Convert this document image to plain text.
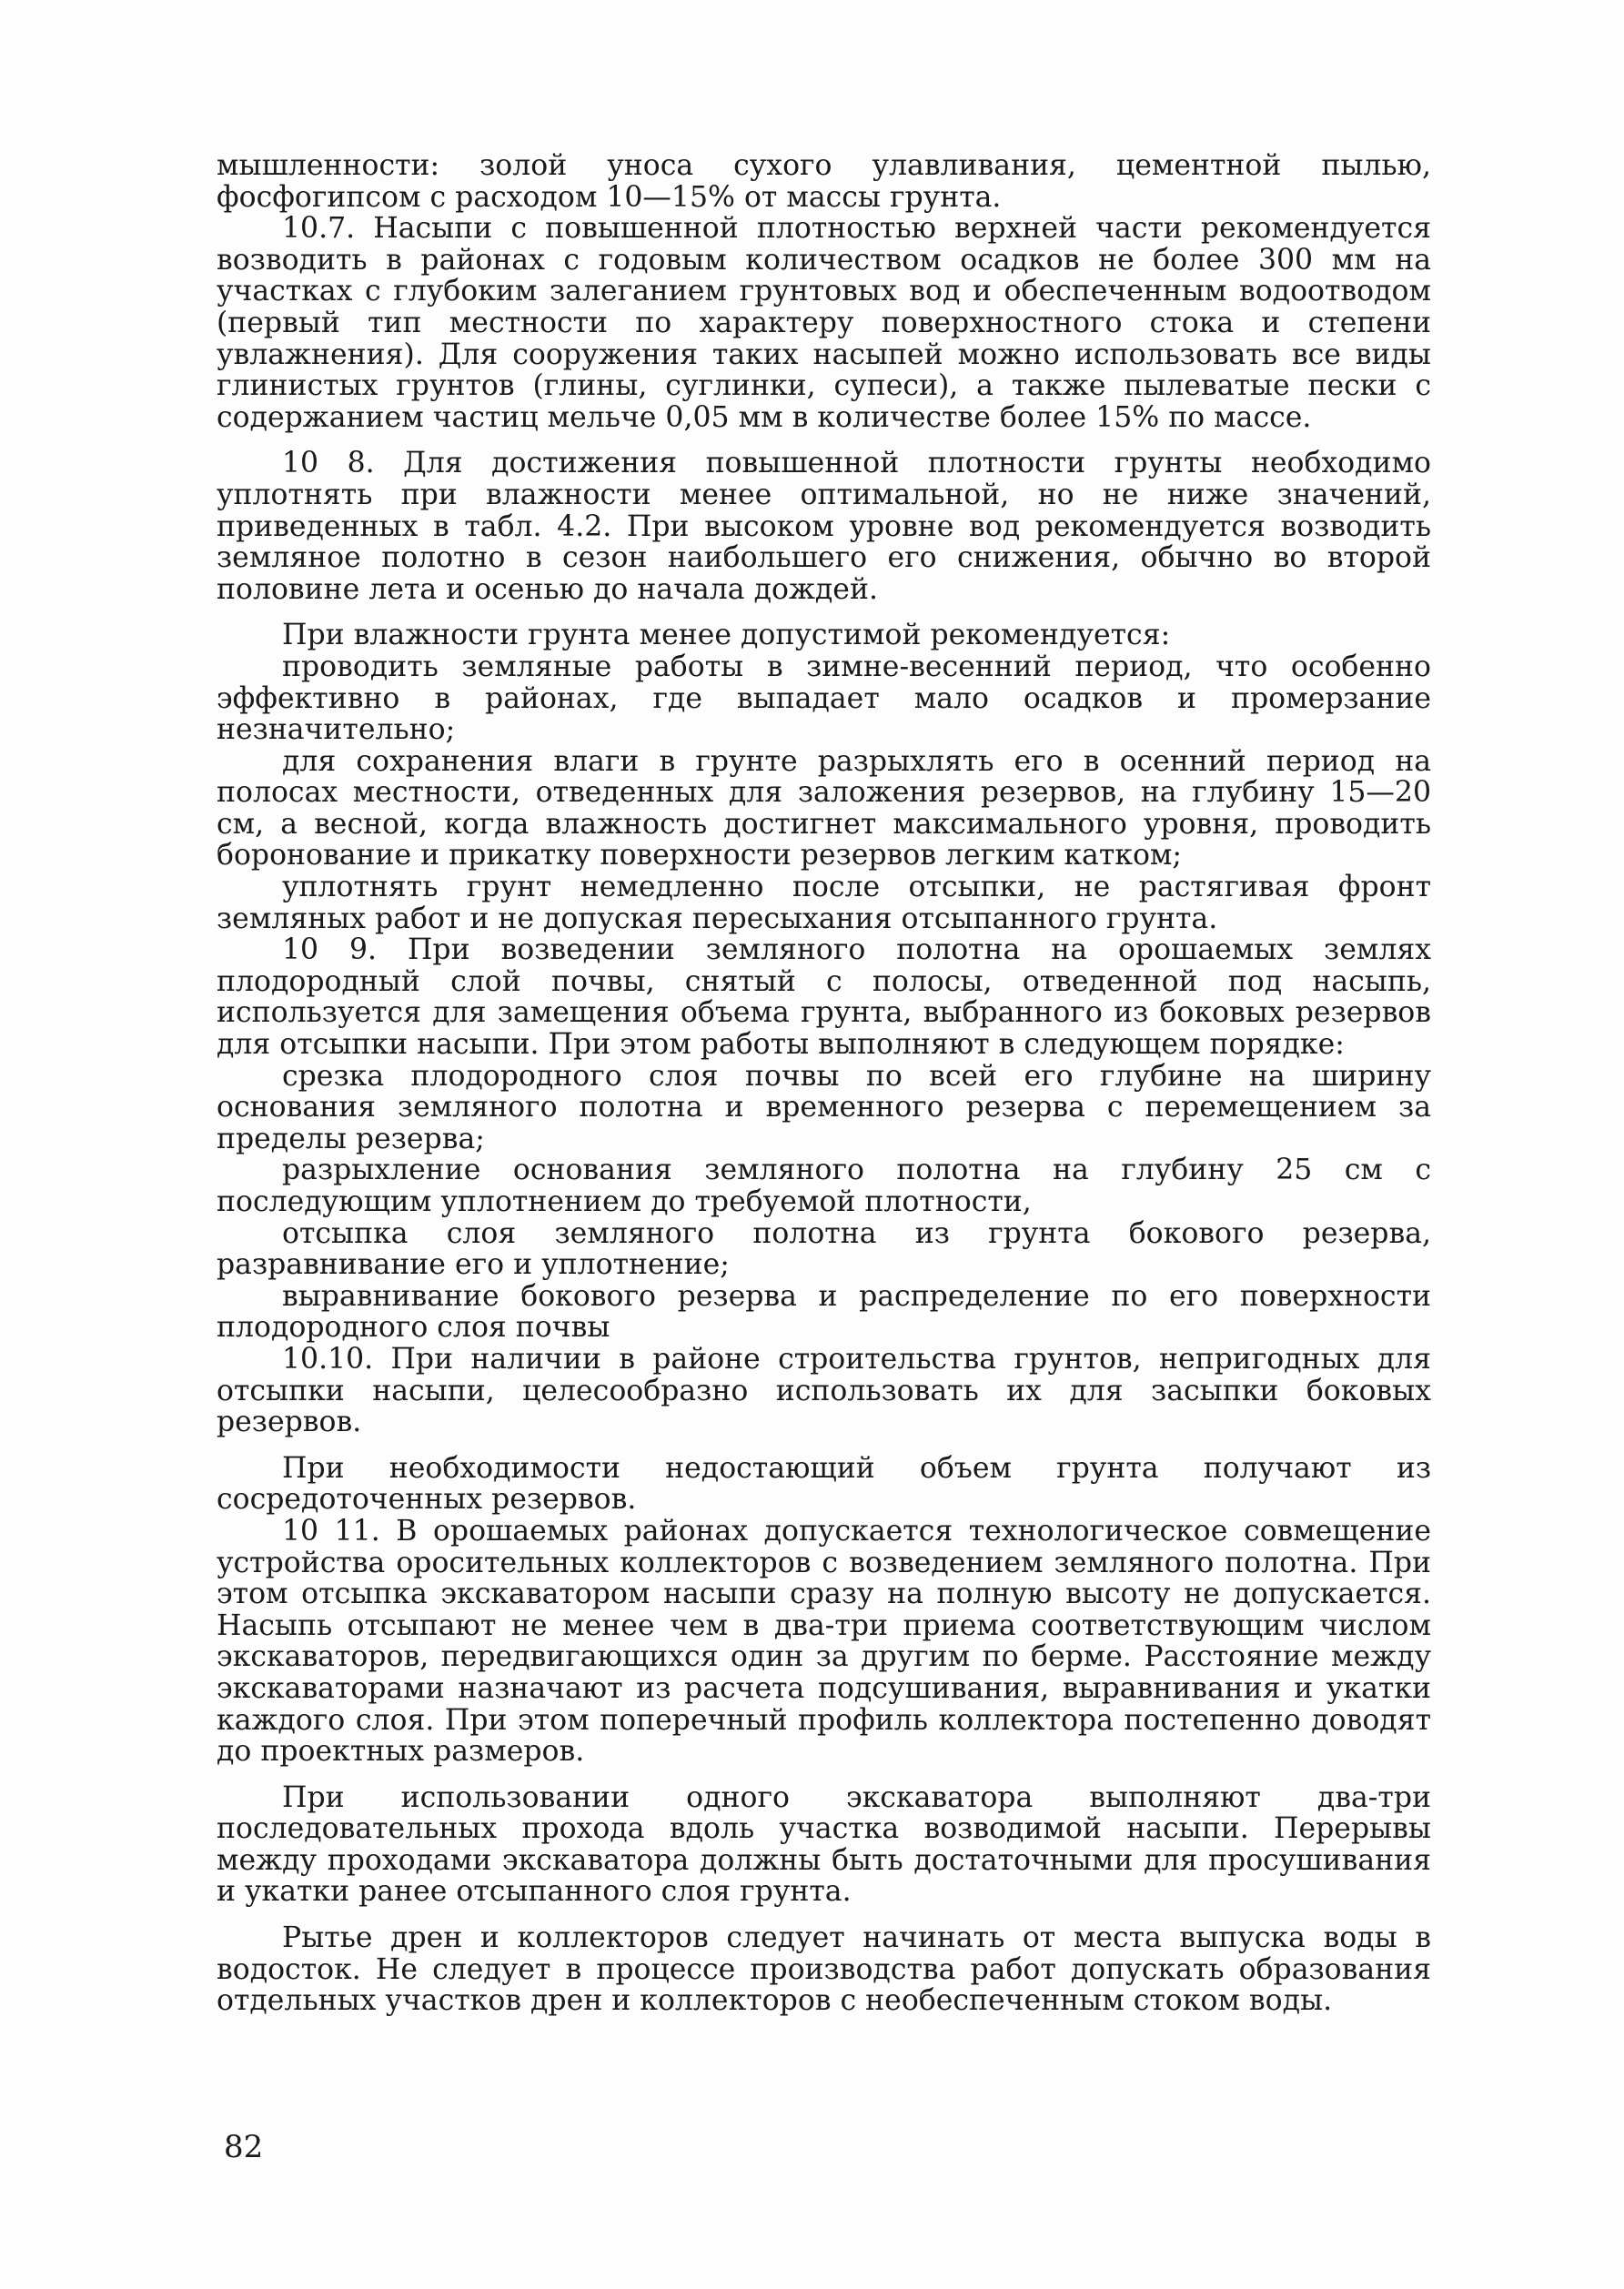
мышленности: золой уноса сухого улавливания, цементной пылью, фосфогипсом с расходом 10—15% от массы грунта.

10.7. Насыпи с повышенной плотностью верхней части рекомендуется возводить в районах с годовым количеством осадков не более 300 мм на участках с глубоким залеганием грунтовых вод и обеспеченным водоотводом (первый тип местности по характеру поверхностного стока и степени увлажнения). Для сооружения таких насыпей можно использовать все виды глинистых грунтов (глины, суглинки, супеси), а также пылеватые пески с содержанием частиц мельче 0,05 мм в количестве более 15% по массе.

10 8. Для достижения повышенной плотности грунты необходимо уплотнять при влажности менее оптимальной, но не ниже значений, приведенных в табл. 4.2. При высоком уровне вод рекомендуется возводить земляное полотно в сезон наибольшего его снижения, обычно во второй половине лета и осенью до начала дождей.

При влажности грунта менее допустимой рекомендуется:

проводить земляные работы в зимне-весенний период, что особенно эффективно в районах, где выпадает мало осадков и промерзание незначительно;

для сохранения влаги в грунте разрыхлять его в осенний период на полосах местности, отведенных для заложения резервов, на глубину 15—20 см, а весной, когда влажность достигнет максимального уровня, проводить боронование и прикатку поверхности резервов легким катком;

уплотнять грунт немедленно после отсыпки, не растягивая фронт земляных работ и не допуская пересыхания отсыпанного грунта.

10 9. При возведении земляного полотна на орошаемых землях плодородный слой почвы, снятый с полосы, отведенной под насыпь, используется для замещения объема грунта, выбранного из боковых резервов для отсыпки насыпи. При этом работы выполняют в следующем порядке:

срезка плодородного слоя почвы по всей его глубине на ширину основания земляного полотна и временного резерва с перемещением за пределы резерва;

разрыхление основания земляного полотна на глубину 25 см с последующим уплотнением до требуемой плотности,

отсыпка слоя земляного полотна из грунта бокового резерва, разравнивание его и уплотнение;

выравнивание бокового резерва и распределение по его поверхности плодородного слоя почвы

10.10. При наличии в районе строительства грунтов, непригодных для отсыпки насыпи, целесообразно использовать их для засыпки боковых резервов.

При необходимости недостающий объем грунта получают из сосредоточенных резервов.

10 11. В орошаемых районах допускается технологическое совмещение устройства оросительных коллекторов с возведением земляного полотна. При этом отсыпка экскаватором насыпи сразу на полную высоту не допускается. Насыпь отсыпают не менее чем в два-три приема соответствующим числом экскаваторов, передвигающихся один за другим по берме. Расстояние между экскаваторами назначают из расчета подсушивания, выравнивания и укатки каждого слоя. При этом поперечный профиль коллектора постепенно доводят до проектных размеров.

При использовании одного экскаватора выполняют два-три последовательных прохода вдоль участка возводимой насыпи. Перерывы между проходами экскаватора должны быть достаточными для просушивания и укатки ранее отсыпанного слоя грунта.

Рытье дрен и коллекторов следует начинать от места выпуска воды в водосток. Не следует в процессе производства работ допускать образования отдельных участков дрен и коллекторов с необеспеченным стоком воды.

82
